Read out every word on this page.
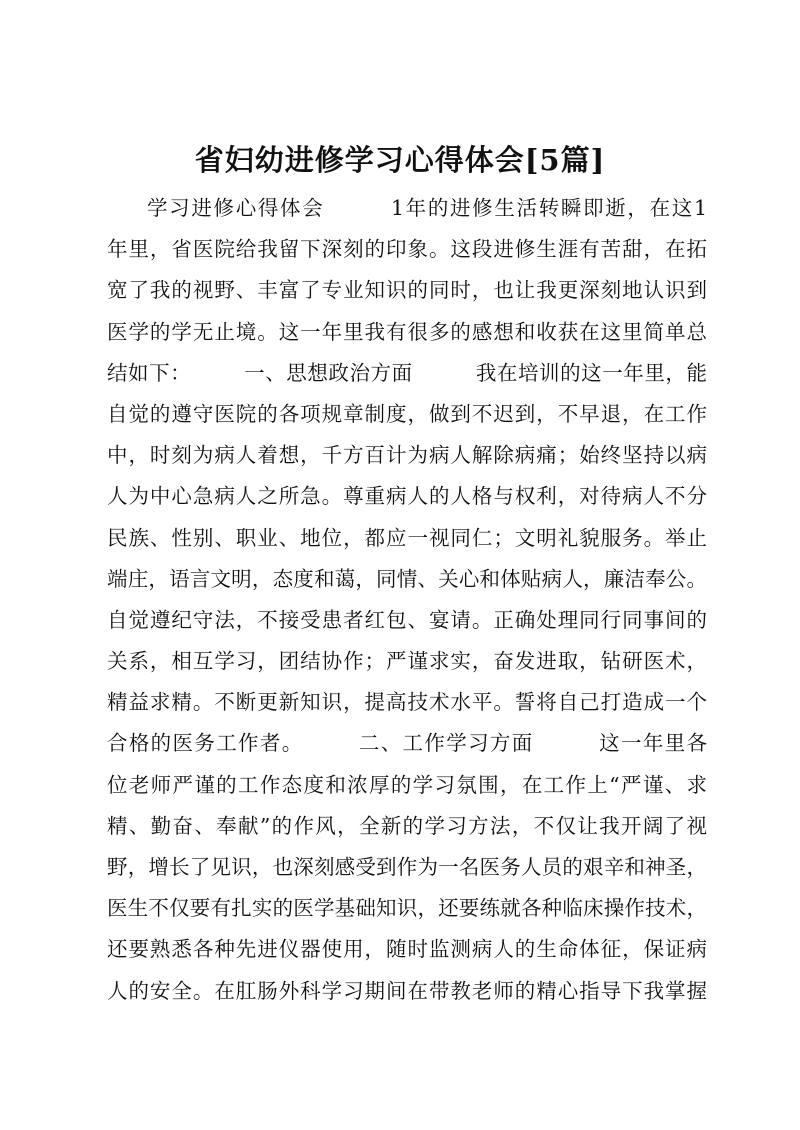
省妇幼进修学习心得体会[5篇]
学习进修心得体会　　　1年的进修生活转瞬即逝，在这1
年里，省医院给我留下深刻的印象。这段进修生涯有苦甜，在拓
宽了我的视野、丰富了专业知识的同时，也让我更深刻地认识到
医学的学无止境。这一年里我有很多的感想和收获在这里简单总
结如下：　　　一、思想政治方面　　　我在培训的这一年里，能
自觉的遵守医院的各项规章制度，做到不迟到，不早退，在工作
中，时刻为病人着想，千方百计为病人解除病痛；始终坚持以病
人为中心急病人之所急。尊重病人的人格与权利，对待病人不分
民族、性别、职业、地位，都应一视同仁；文明礼貌服务。举止
端庄，语言文明，态度和蔼，同情、关心和体贴病人，廉洁奉公。
自觉遵纪守法，不接受患者红包、宴请。正确处理同行同事间的
关系，相互学习，团结协作；严谨求实，奋发进取，钻研医术，
精益求精。不断更新知识，提高技术水平。誓将自己打造成一个
合格的医务工作者。　　　二、工作学习方面　　　这一年里各
位老师严谨的工作态度和浓厚的学习氛围，在工作上“严谨、求
精、勤奋、奉献”的作风，全新的学习方法，不仅让我开阔了视
野，增长了见识，也深刻感受到作为一名医务人员的艰辛和神圣，
医生不仅要有扎实的医学基础知识，还要练就各种临床操作技术，
还要熟悉各种先进仪器使用，随时监测病人的生命体征，保证病
人的安全。在肛肠外科学习期间在带教老师的精心指导下我掌握
